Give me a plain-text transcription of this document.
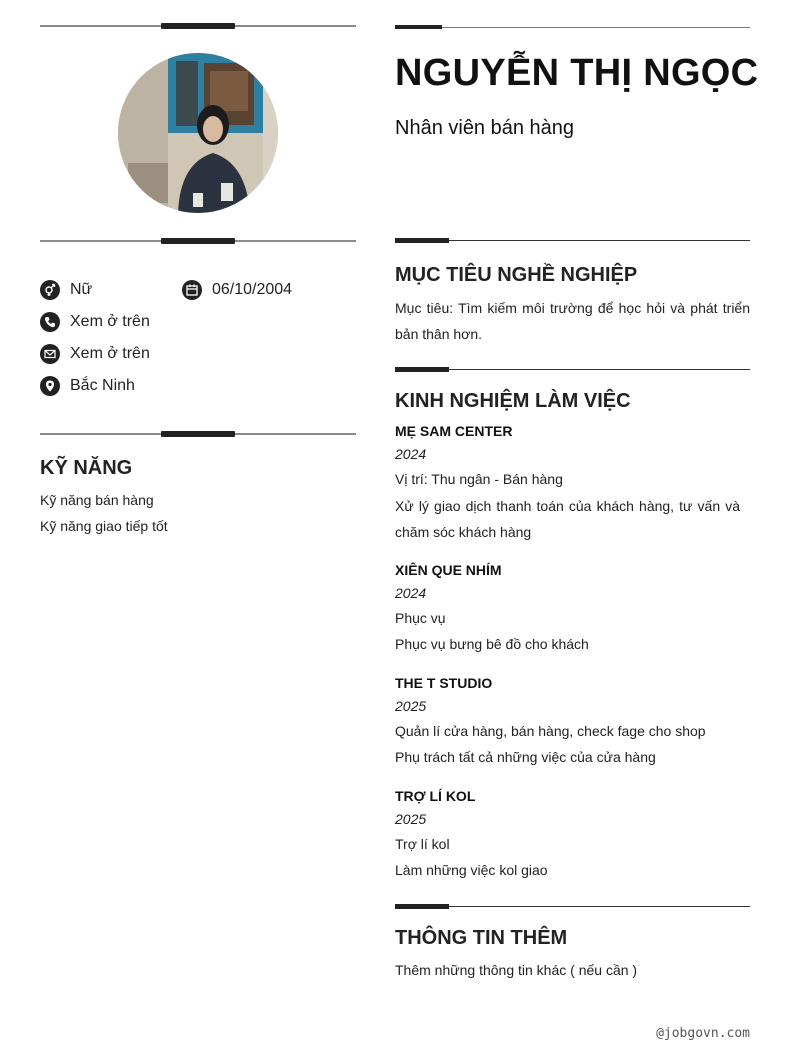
Nữ	06/10/2004
Xem ở trên
Xem ở trên
Bắc Ninh
KỸ NĂNG
Kỹ năng bán hàng
Kỹ năng giao tiếp tốt
NGUYỄN THỊ NGỌC
Nhân viên bán hàng
MỤC TIÊU NGHỀ NGHIỆP
Mục tiêu: Tìm kiếm môi trường để học hỏi và phát triển bản thân hơn.
KINH NGHIỆM LÀM VIỆC
MẸ SAM CENTER
2024
Vị trí: Thu ngân - Bán hàng
Xử lý giao dịch thanh toán của khách hàng, tư vấn và chăm sóc khách hàng
XIÊN QUE NHÍM
2024
Phục vụ
Phục vụ bưng bê đồ cho khách
THE T STUDIO
2025
Quản lí cửa hàng, bán hàng, check fage cho shop
Phụ trách tất cả những việc của cửa hàng
TRỢ LÍ KOL
2025
Trợ lí kol
Làm những việc kol giao
THÔNG TIN THÊM
Thêm những thông tin khác ( nếu cần )
@jobgovn.com
